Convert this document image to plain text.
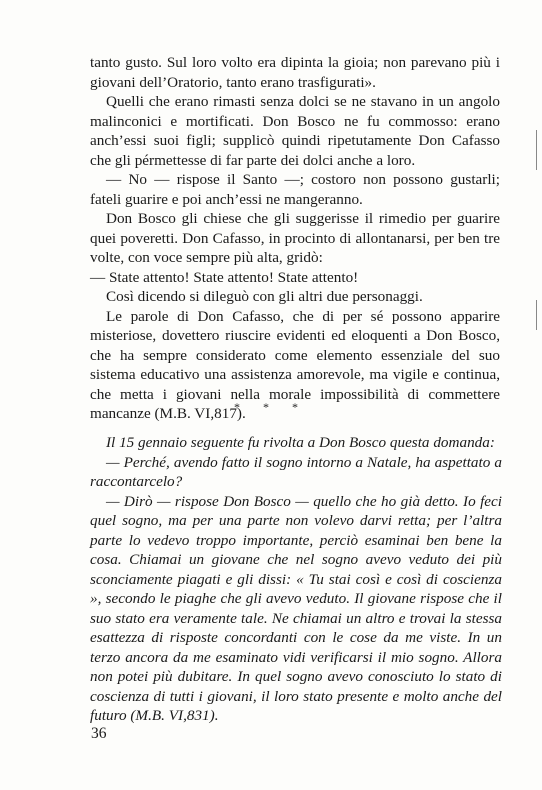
tanto gusto. Sul loro volto era dipinta la gioia; non parevano più i giovani dell’Oratorio, tanto erano trasfigurati».

Quelli che erano rimasti senza dolci se ne stavano in un angolo malinconici e mortificati. Don Bosco ne fu commosso: erano anch’essi suoi figli; supplicò quindi ripetutamente Don Cafasso che gli pérmettesse di far parte dei dolci anche a loro.

— No — rispose il Santo —; costoro non possono gustarli; fateli guarire e poi anch’essi ne mangeranno.

Don Bosco gli chiese che gli suggerisse il rimedio per guarire quei poveretti. Don Cafasso, in procinto di allontanarsi, per ben tre volte, con voce sempre più alta, gridò:

— State attento! State attento! State attento!

Così dicendo si dileguò con gli altri due personaggi.

Le parole di Don Cafasso, che di per sé possono apparire misteriose, dovettero riuscire evidenti ed eloquenti a Don Bosco, che ha sempre considerato come elemento essenziale del suo sistema educativo una assistenza amorevole, ma vigile e continua, che metta i giovani nella morale impossibilità di commettere mancanze (M.B. VI,817).

* * *

Il 15 gennaio seguente fu rivolta a Don Bosco questa domanda:

— Perché, avendo fatto il sogno intorno a Natale, ha aspettato a raccontarcelo?

— Dirò — rispose Don Bosco — quello che ho già detto. Io feci quel sogno, ma per una parte non volevo darvi retta; per l’altra parte lo vedevo troppo importante, perciò esaminai ben bene la cosa. Chiamai un giovane che nel sogno avevo veduto dei più sconciamente piagati e gli dissi: « Tu stai così e così di coscienza », secondo le piaghe che gli avevo veduto. Il giovane rispose che il suo stato era veramente tale. Ne chiamai un altro e trovai la stessa esattezza di risposte concordanti con le cose da me viste. In un terzo ancora da me esaminato vidi verificarsi il mio sogno. Allora non potei più dubitare. In quel sogno avevo conosciuto lo stato di coscienza di tutti i giovani, il loro stato presente e molto anche del futuro (M.B. VI,831).

36
